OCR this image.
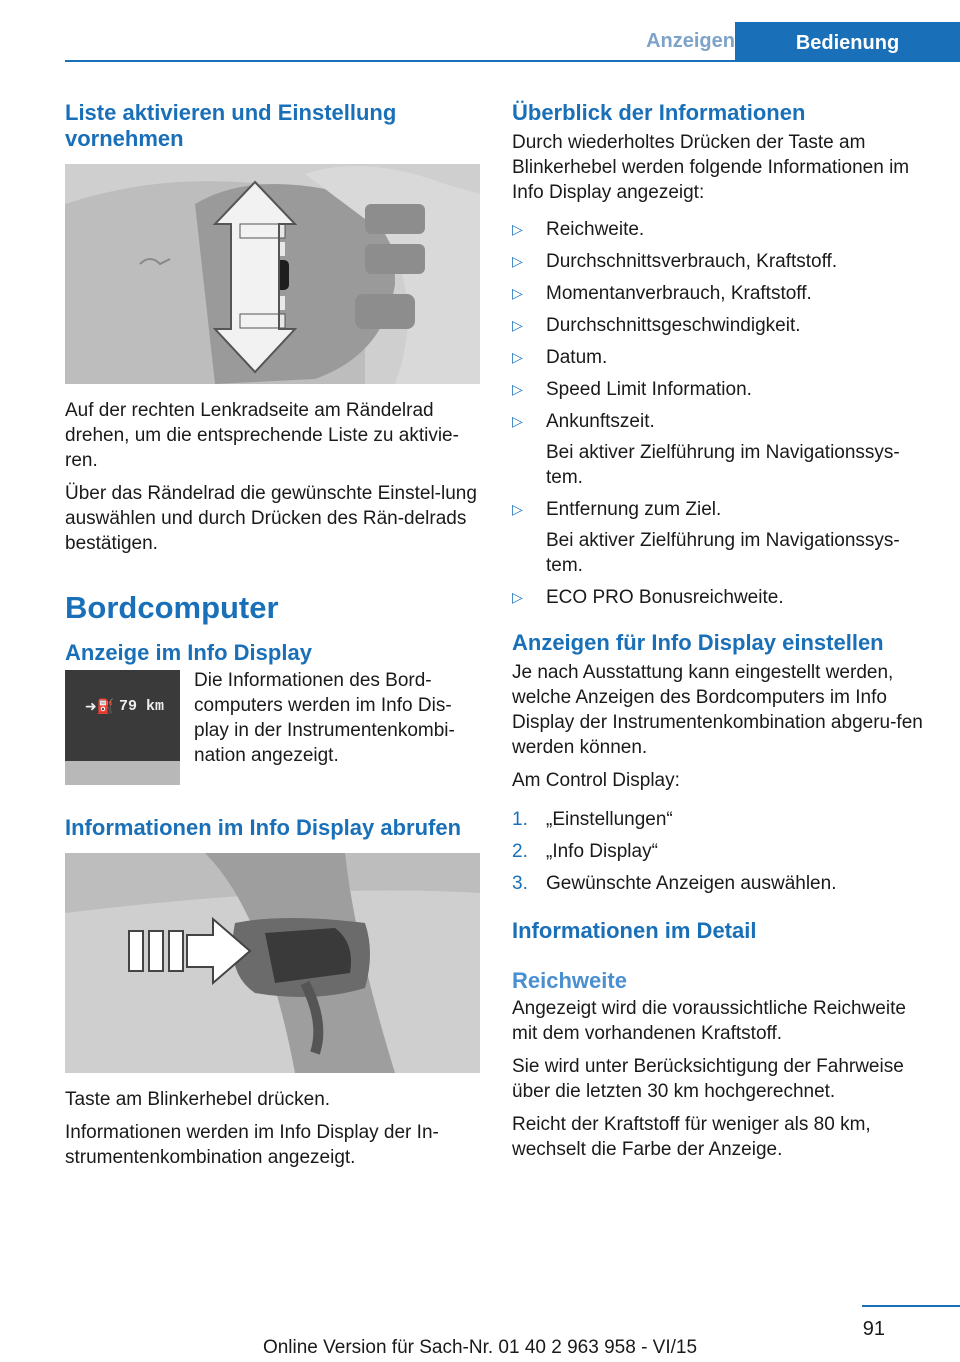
Anzeigen	Bedienung
Liste aktivieren und Einstellung vornehmen

Auf der rechten Lenkradseite am Rändelrad drehen, um die entsprechende Liste zu aktivie‐ren.

Über das Rändelrad die gewünschte Einstel‐lung auswählen und durch Drücken des Rän‐delrads bestätigen.

Bordcomputer
Anzeige im Info Display
➜⛽ 79 km

Die Informationen des Bord‐computers werden im Info Dis‐play in der Instrumentenkombi‐nation angezeigt.

Informationen im Info Display abrufen

Taste am Blinkerhebel drücken.

Informationen werden im Info Display der In‐strumentenkombination angezeigt.

Überblick der Informationen

Durch wiederholtes Drücken der Taste am Blinkerhebel werden folgende Informationen im Info Display angezeigt:

▷ Reichweite.
▷ Durchschnittsverbrauch, Kraftstoff.
▷ Momentanverbrauch, Kraftstoff.
▷ Durchschnittsgeschwindigkeit.
▷ Datum.
▷ Speed Limit Information.
▷ Ankunftszeit.
Bei aktiver Zielführung im Navigationssys‐tem.
▷ Entfernung zum Ziel.
Bei aktiver Zielführung im Navigationssys‐tem.
▷ ECO PRO Bonusreichweite.
Anzeigen für Info Display einstellen

Je nach Ausstattung kann eingestellt werden, welche Anzeigen des Bordcomputers im Info Display der Instrumentenkombination abgeru‐fen werden können.

Am Control Display:

1. „Einstellungen“
2. „Info Display“
3. Gewünschte Anzeigen auswählen.
Informationen im Detail
Reichweite

Angezeigt wird die voraussichtliche Reichweite mit dem vorhandenen Kraftstoff.

Sie wird unter Berücksichtigung der Fahrweise über die letzten 30 km hochgerechnet.

Reicht der Kraftstoff für weniger als 80 km, wechselt die Farbe der Anzeige.

91
Online Version für Sach-Nr. 01 40 2 963 958 - VI/15
